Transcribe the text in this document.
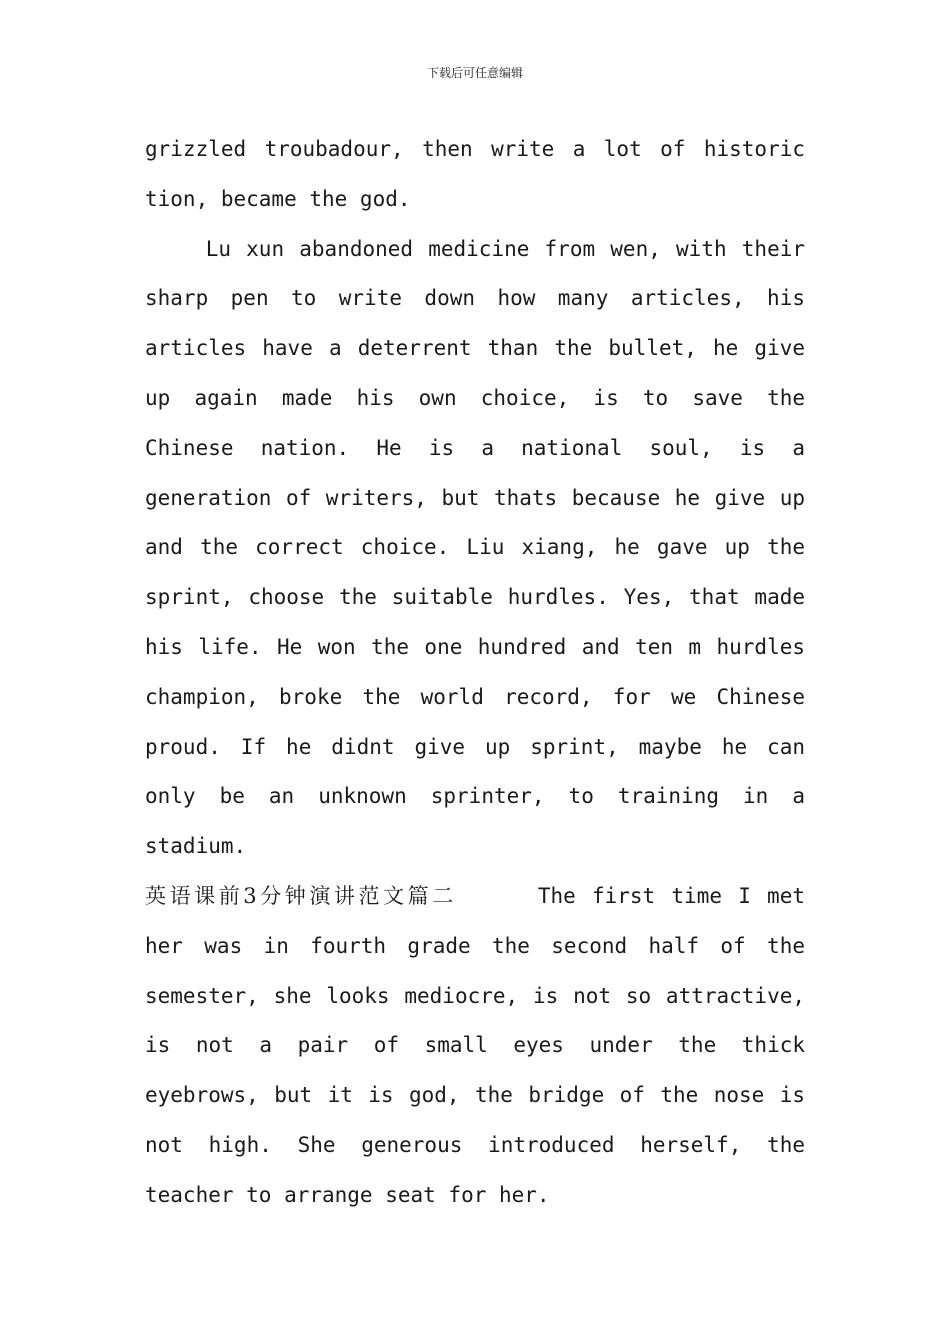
下载后可任意编辑
grizzled troubadour, then write a lot of historic
tion, became the god.
Lu xun abandoned medicine from wen, with their
sharp pen to write down how many articles, his
articles have a deterrent than the bullet, he give
up again made his own choice, is to save the
Chinese nation. He is a national soul, is a
generation of writers, but thats because he give up
and the correct choice. Liu xiang, he gave up the
sprint, choose the suitable hurdles. Yes, that made
his life. He won the one hundred and ten m hurdles
champion, broke the world record, for we Chinese
proud. If he didnt give up sprint, maybe he can
only be an unknown sprinter, to training in a
stadium.
英语课前3分钟演讲范文篇二	The first time I met
her was in fourth grade the second half of the
semester, she looks mediocre, is not so attractive,
is not a pair of small eyes under the thick
eyebrows, but it is god, the bridge of the nose is
not high. She generous introduced herself, the
teacher to arrange seat for her.
